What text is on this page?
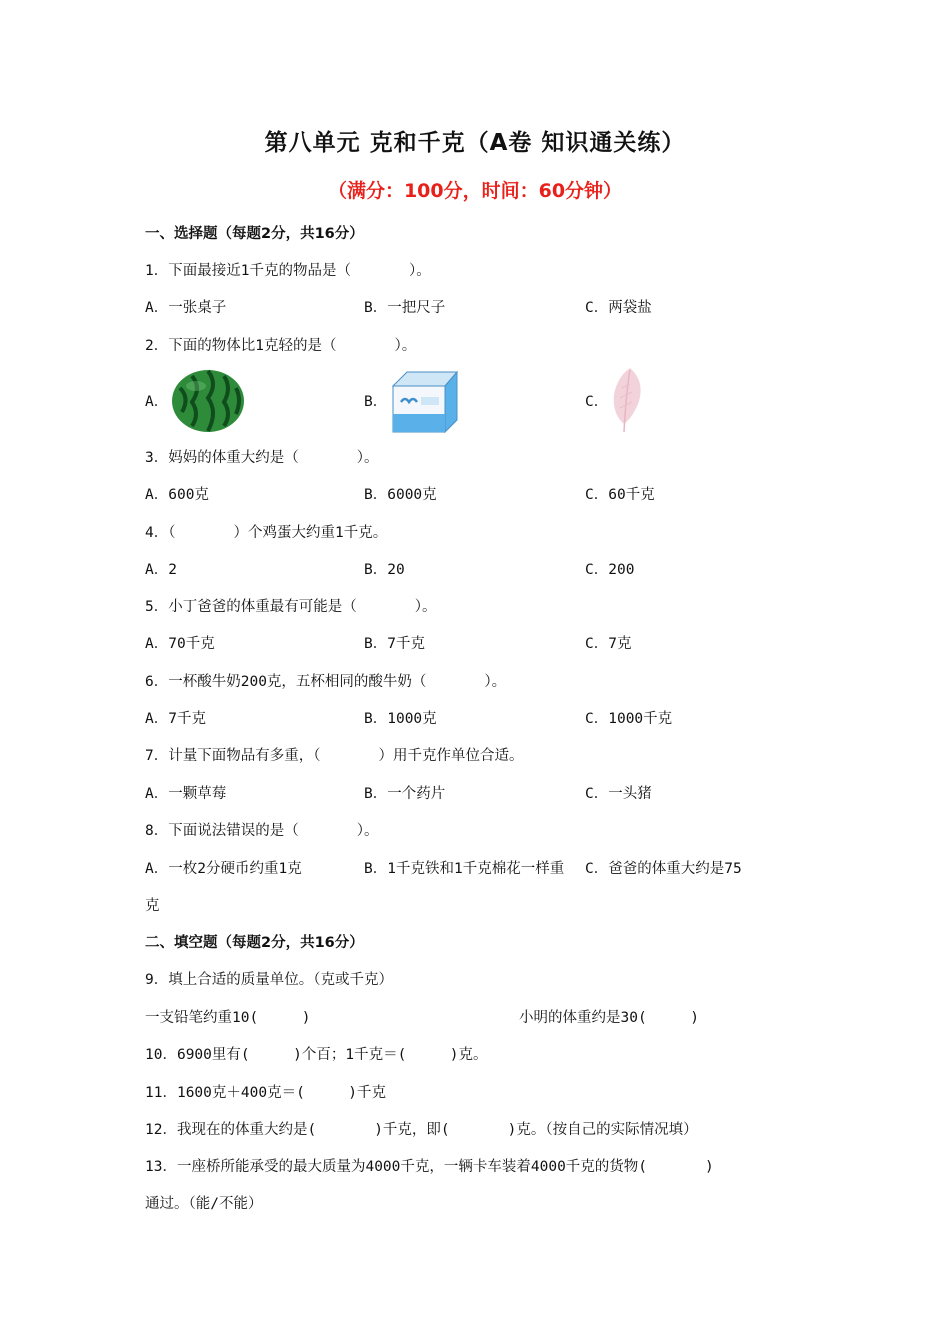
第八单元 克和千克（A卷 知识通关练）
（满分：100分，时间：60分钟）
一、选择题（每题2分，共16分）
1．下面最接近1千克的物品是（　　　　）。
A．一张桌子	B．一把尺子	C．两袋盐
2．下面的物体比1克轻的是（　　　　）。
A．	B．	C．
3．妈妈的体重大约是（　　　　）。
A．600克	B．6000克	C．60千克
4．（　　　　）个鸡蛋大约重1千克。
A．2	B．20	C．200
5．小丁爸爸的体重最有可能是（　　　　）。
A．70千克	B．7千克	C．7克
6．一杯酸牛奶200克，五杯相同的酸牛奶（　　　　）。
A．7千克	B．1000克	C．1000千克
7．计量下面物品有多重，（　　　　）用千克作单位合适。
A．一颗草莓	B．一个药片	C．一头猪
8．下面说法错误的是（　　　　）。
A．一枚2分硬币约重1克	B．1千克铁和1千克棉花一样重 C．爸爸的体重大约是75
克
二、填空题（每题2分，共16分）
9．填上合适的质量单位。（克或千克）
一支铅笔约重10(　　　)	小明的体重约是30(　　　)
10．6900里有(　　　)个百；1千克＝(　　　)克。
11．1600克＋400克＝(　　　)千克
12．我现在的体重大约是(　　　　)千克，即(　　　　)克。（按自己的实际情况填）
13．一座桥所能承受的最大质量为4000千克，一辆卡车装着4000千克的货物(　　　　)
通过。（能/不能）
